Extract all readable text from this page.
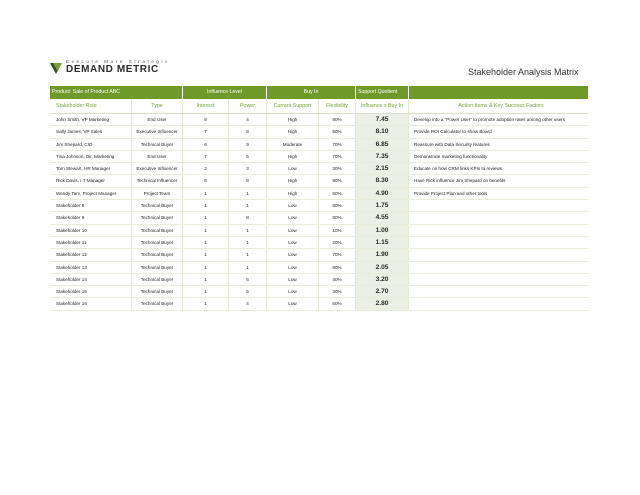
Execute More Strategic
DEMAND METRIC	Stakeholder Analysis Matrix
Product: Sale of Product ABC	Influence Level	Buy In	Support Quotient
Stakeholder Role	Type	Interest	Power	Current Support	Flexibility	Influence x Buy In	Action Items & Key Success Factors
John Smith, VP Marketing	End User	8	4	High	90%	7.45	Develop into a "Power User" to promote adoption rates among other users
Sally James, VP Sales	Executive Influencer	7	8	High	50%	8.10	Provide ROI Calculator to show Board
Jim Shepard, CIO	Technical Buyer	6	9	Moderate	70%	6.85	Reassure with Data Security features
Tina Johnson, Dir. Marketing	End User	7	5	High	70%	7.35	Demonstrate marketing functionality
Tom Stewart, HR Manager	Executive Influencer	2	3	Low	30%	2.15	Educate on how CRM links KPIs to reviews
Rick Davis, I.T Manager	Technical Influencer	6	8	High	90%	8.30	Have Rick influence Jim Shepard on benefits
Wendy Tam, Project Manager	Project Team	1	1	High	60%	4.90	Provide Project Plan and other tools
Stakeholder 8	Technical Buyer	1	1	Low	60%	1.75
Stakeholder 9	Technical Buyer	1	8	Low	80%	4.55
Stakeholder 10	Technical Buyer	1	1	Low	10%	1.00
Stakeholder 11	Technical Buyer	1	1	Low	20%	1.15
Stakeholder 12	Technical Buyer	1	1	Low	70%	1.90
Stakeholder 13	Technical Buyer	1	1	Low	80%	2.05
Stakeholder 14	Technical Buyer	1	6	Low	40%	3.20
Stakeholder 15	Technical Buyer	1	5	Low	30%	2.70
Stakeholder 16	Technical Buyer	1	4	Low	60%	2.80
